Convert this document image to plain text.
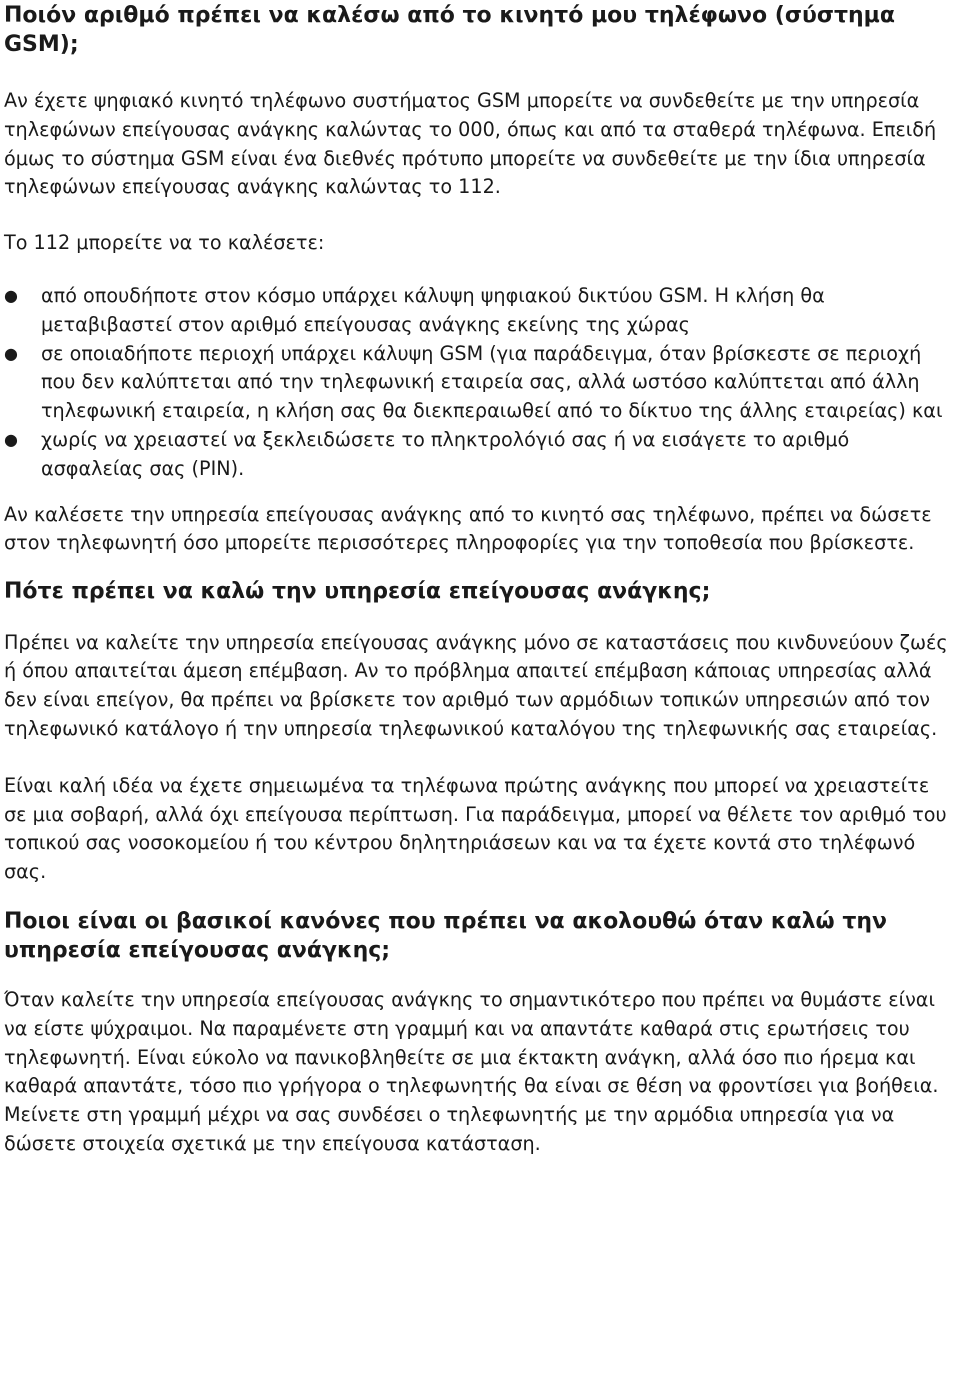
Ποιόν αριθμό πρέπει να καλέσω από το κινητό μου τηλέφωνο (σύστημα GSM);

Αν έχετε ψηφιακό κινητό τηλέφωνο συστήματος GSM μπορείτε να συνδεθείτε με την υπηρεσία τηλεφώνων επείγουσας ανάγκης καλώντας το 000, όπως και από τα σταθερά τηλέφωνα. Επειδή όμως το σύστημα GSM είναι ένα διεθνές πρότυπο μπορείτε να συνδεθείτε με την ίδια υπηρεσία τηλεφώνων επείγουσας ανάγκης καλώντας το 112.

Το 112 μπορείτε να το καλέσετε:

● από οπουδήποτε στον κόσμο υπάρχει κάλυψη ψηφιακού δικτύου GSM. Η κλήση θα μεταβιβαστεί στον αριθμό επείγουσας ανάγκης εκείνης της χώρας
● σε οποιαδήποτε περιοχή υπάρχει κάλυψη GSM (για παράδειγμα, όταν βρίσκεστε σε περιοχή που δεν καλύπτεται από την τηλεφωνική εταιρεία σας, αλλά ωστόσο καλύπτεται από άλλη τηλεφωνική εταιρεία, η κλήση σας θα διεκπεραιωθεί από το δίκτυο της άλλης εταιρείας) και
● χωρίς να χρειαστεί να ξεκλειδώσετε το πληκτρολόγιό σας ή να εισάγετε το αριθμό ασφαλείας σας (PIN).

Αν καλέσετε την υπηρεσία επείγουσας ανάγκης από το κινητό σας τηλέφωνο, πρέπει να δώσετε στον τηλεφωνητή όσο μπορείτε περισσότερες πληροφορίες για την τοποθεσία που βρίσκεστε.

Πότε πρέπει να καλώ την υπηρεσία επείγουσας ανάγκης;

Πρέπει να καλείτε την υπηρεσία επείγουσας ανάγκης μόνο σε καταστάσεις που κινδυνεύουν ζωές ή όπου απαιτείται άμεση επέμβαση. Αν το πρόβλημα απαιτεί επέμβαση κάποιας υπηρεσίας αλλά δεν είναι επείγον, θα πρέπει να βρίσκετε τον αριθμό των αρμόδιων τοπικών υπηρεσιών από τον τηλεφωνικό κατάλογο ή την υπηρεσία τηλεφωνικού καταλόγου της τηλεφωνικής σας εταιρείας.

Είναι καλή ιδέα να έχετε σημειωμένα τα τηλέφωνα πρώτης ανάγκης που μπορεί να χρειαστείτε σε μια σοβαρή, αλλά όχι επείγουσα περίπτωση. Για παράδειγμα, μπορεί να θέλετε τον αριθμό του τοπικού σας νοσοκομείου ή του κέντρου δηλητηριάσεων και να τα έχετε κοντά στο τηλέφωνό σας.

Ποιοι είναι οι βασικοί κανόνες που πρέπει να ακολουθώ όταν καλώ την υπηρεσία επείγουσας ανάγκης;

Όταν καλείτε την υπηρεσία επείγουσας ανάγκης το σημαντικότερο που πρέπει να θυμάστε είναι να είστε ψύχραιμοι. Να παραμένετε στη γραμμή και να απαντάτε καθαρά στις ερωτήσεις του τηλεφωνητή. Είναι εύκολο να πανικοβληθείτε σε μια έκτακτη ανάγκη, αλλά όσο πιο ήρεμα και καθαρά απαντάτε, τόσο πιο γρήγορα ο τηλεφωνητής θα είναι σε θέση να φροντίσει για βοήθεια. Μείνετε στη γραμμή μέχρι να σας συνδέσει ο τηλεφωνητής με την αρμόδια υπηρεσία για να δώσετε στοιχεία σχετικά με την επείγουσα κατάσταση.
